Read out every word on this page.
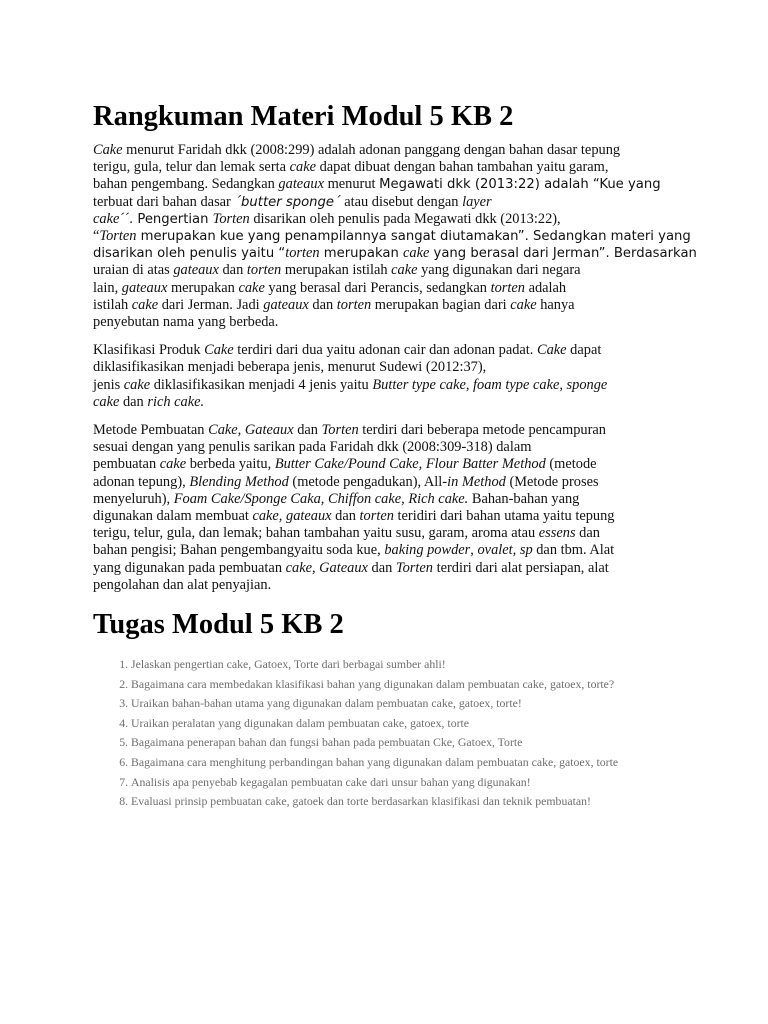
Rangkuman Materi Modul 5 KB 2
Cake menurut Faridah dkk (2008:299) adalah adonan panggang dengan bahan dasar tepung
terigu, gula, telur dan lemak serta cake dapat dibuat dengan bahan tambahan yaitu garam,
bahan pengembang. Sedangkan gateaux menurut Megawati dkk (2013:22) adalah “Kue yang
terbuat dari bahan dasar ´butter sponge´ atau disebut dengan layer
cake´´. Pengertian Torten disarikan oleh penulis pada Megawati dkk (2013:22),
“Torten merupakan kue yang penampilannya sangat diutamakan”. Sedangkan materi yang
disarikan oleh penulis yaitu “torten merupakan cake yang berasal dari Jerman”. Berdasarkan
uraian di atas gateaux dan torten merupakan istilah cake yang digunakan dari negara
lain, gateaux merupakan cake yang berasal dari Perancis, sedangkan torten adalah
istilah cake dari Jerman. Jadi gateaux dan torten merupakan bagian dari cake hanya
penyebutan nama yang berbeda.
Klasifikasi Produk Cake terdiri dari dua yaitu adonan cair dan adonan padat. Cake dapat
diklasifikasikan menjadi beberapa jenis, menurut Sudewi (2012:37),
jenis cake diklasifikasikan menjadi 4 jenis yaitu Butter type cake, foam type cake, sponge
cake dan rich cake.
Metode Pembuatan Cake, Gateaux dan Torten terdiri dari beberapa metode pencampuran
sesuai dengan yang penulis sarikan pada Faridah dkk (2008:309-318) dalam
pembuatan cake berbeda yaitu, Butter Cake/Pound Cake, Flour Batter Method (metode
adonan tepung), Blending Method (metode pengadukan), All-in Method (Metode proses
menyeluruh), Foam Cake/Sponge Caka, Chiffon cake, Rich cake. Bahan-bahan yang
digunakan dalam membuat cake, gateaux dan torten teridiri dari bahan utama yaitu tepung
terigu, telur, gula, dan lemak; bahan tambahan yaitu susu, garam, aroma atau essens dan
bahan pengisi; Bahan pengembangyaitu soda kue, baking powder, ovalet, sp dan tbm. Alat
yang digunakan pada pembuatan cake, Gateaux dan Torten terdiri dari alat persiapan, alat
pengolahan dan alat penyajian.
Tugas Modul 5 KB 2
1. Jelaskan pengertian cake, Gatoex, Torte dari berbagai sumber ahli!
2. Bagaimana cara membedakan klasifikasi bahan yang digunakan dalam pembuatan cake, gatoex, torte?
3. Uraikan bahan-bahan utama yang digunakan dalam pembuatan cake, gatoex, torte!
4. Uraikan peralatan yang digunakan dalam pembuatan cake, gatoex, torte
5. Bagaimana penerapan bahan dan fungsi bahan pada pembuatan Cke, Gatoex, Torte
6. Bagaimana cara menghitung perbandingan bahan yang digunakan dalam pembuatan cake, gatoex, torte
7. Analisis apa penyebab kegagalan pembuatan cake dari unsur bahan yang digunakan!
8. Evaluasi prinsip pembuatan cake, gatoek dan torte berdasarkan klasifikasi dan teknik pembuatan!
